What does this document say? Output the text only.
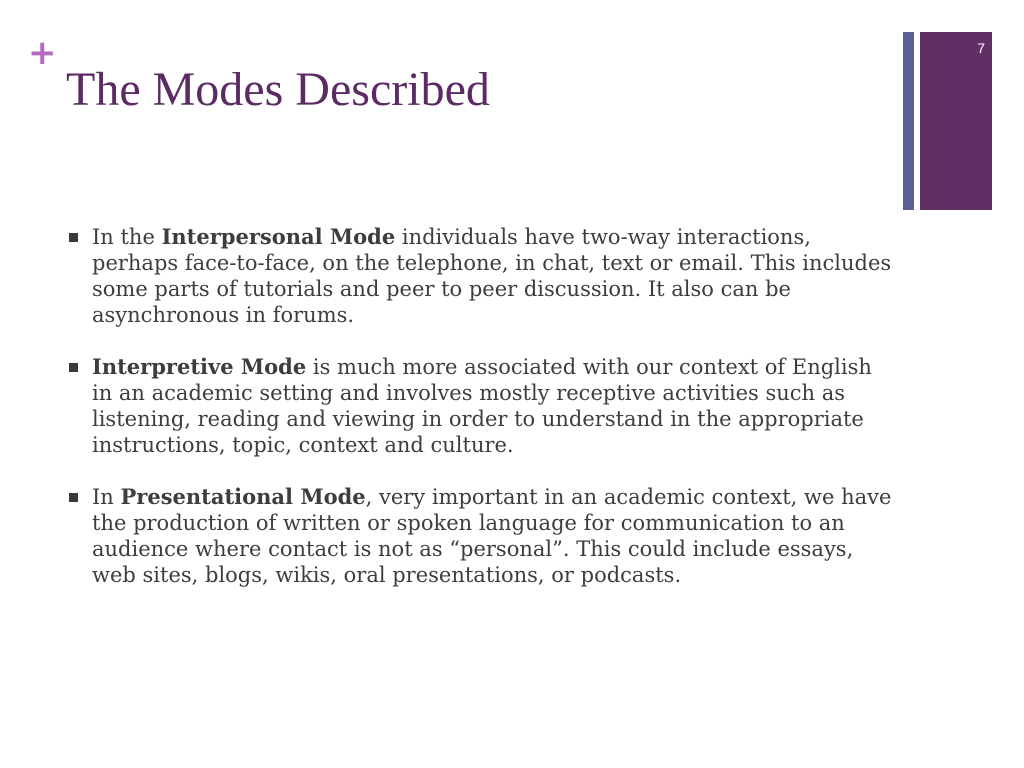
+
The Modes Described
7
In the Interpersonal Mode individuals have two-way interactions, perhaps face-to-face, on the telephone, in chat, text or email. This includes some parts of tutorials and peer to peer discussion. It also can be asynchronous in forums.
Interpretive Mode is much more associated with our context of English in an academic setting and involves mostly receptive activities such as listening, reading and viewing in order to understand in the appropriate instructions, topic, context and culture.
In Presentational Mode, very important in an academic context, we have the production of written or spoken language for communication to an audience where contact is not as “personal”. This could include essays, web sites, blogs, wikis, oral presentations, or podcasts.
